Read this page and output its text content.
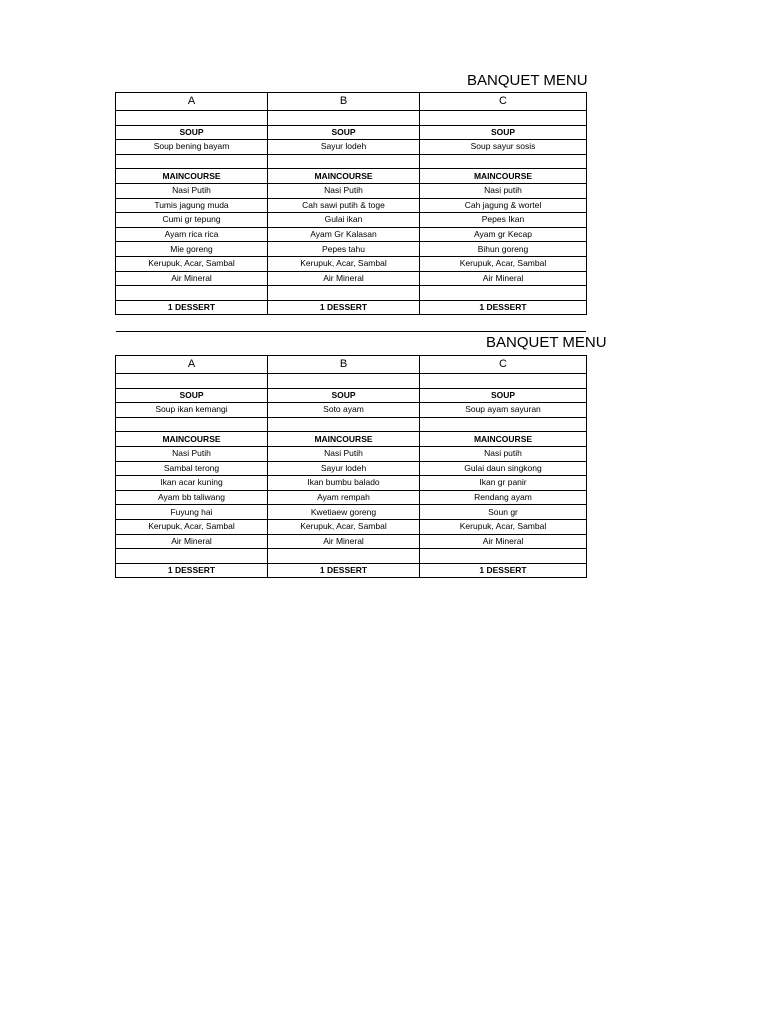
BANQUET MENU
A	B	C

SOUP	SOUP	SOUP
Soup bening bayam	Sayur lodeh	Soup sayur sosis

MAINCOURSE	MAINCOURSE	MAINCOURSE
Nasi Putih	Nasi Putih	Nasi putih
Tumis jagung muda	Cah sawi putih & toge	Cah jagung & wortel
Cumi gr tepung	Gulai ikan	Pepes Ikan
Ayam rica rica	Ayam Gr Kalasan	Ayam gr Kecap
Mie goreng	Pepes tahu	Bihun goreng
Kerupuk, Acar, Sambal	Kerupuk, Acar, Sambal	Kerupuk, Acar, Sambal
Air Mineral	Air Mineral	Air Mineral

1 DESSERT	1 DESSERT	1 DESSERT
BANQUET MENU
A	B	C

SOUP	SOUP	SOUP
Soup ikan kemangi	Soto ayam	Soup ayam sayuran

MAINCOURSE	MAINCOURSE	MAINCOURSE
Nasi Putih	Nasi Putih	Nasi putih
Sambal terong	Sayur lodeh	Gulai daun singkong
Ikan acar kuning	Ikan bumbu balado	Ikan gr panir
Ayam bb taliwang	Ayam rempah	Rendang ayam
Fuyung hai	Kwetiaew goreng	Soun gr
Kerupuk, Acar, Sambal	Kerupuk, Acar, Sambal	Kerupuk, Acar, Sambal
Air Mineral	Air Mineral	Air Mineral

1 DESSERT	1 DESSERT	1 DESSERT
